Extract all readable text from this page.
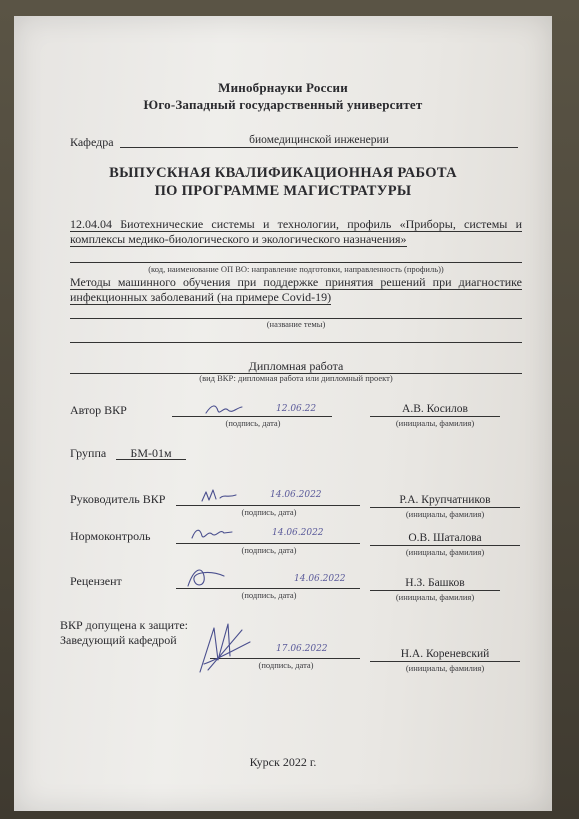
Минобрнауки России
Юго-Западный государственный университет
Кафедра	биомедицинской инженерии
ВЫПУСКНАЯ КВАЛИФИКАЦИОННАЯ РАБОТА
ПО ПРОГРАММЕ МАГИСТРАТУРЫ
12.04.04 Биотехнические системы и технологии, профиль «Приборы, системы и комплексы медико-биологического и экологического назначения»
(код, наименование ОП ВО: направление подготовки, направленность (профиль))
Методы машинного обучения при поддержке принятия решений при диагностике инфекционных заболеваний (на примере Covid-19)
(название темы)
Дипломная работа
(вид ВКР: дипломная работа или дипломный проект)
Автор ВКР	12.06.22
(подпись, дата)
А.В. Косилов
(инициалы, фамилия)
Группа	БМ-01м
Руководитель ВКР	14.06.2022
(подпись, дата)
Р.А. Крупчатников
(инициалы, фамилия)
Нормоконтроль	14.06.2022
(подпись, дата)
О.В. Шаталова
(инициалы, фамилия)
Рецензент	14.06.2022
(подпись, дата)
Н.З. Башков
(инициалы, фамилия)
ВКР допущена к защите:
Заведующий кафедрой
17.06.2022
(подпись, дата)
Н.А. Кореневский
(инициалы, фамилия)
Курск 2022 г.
